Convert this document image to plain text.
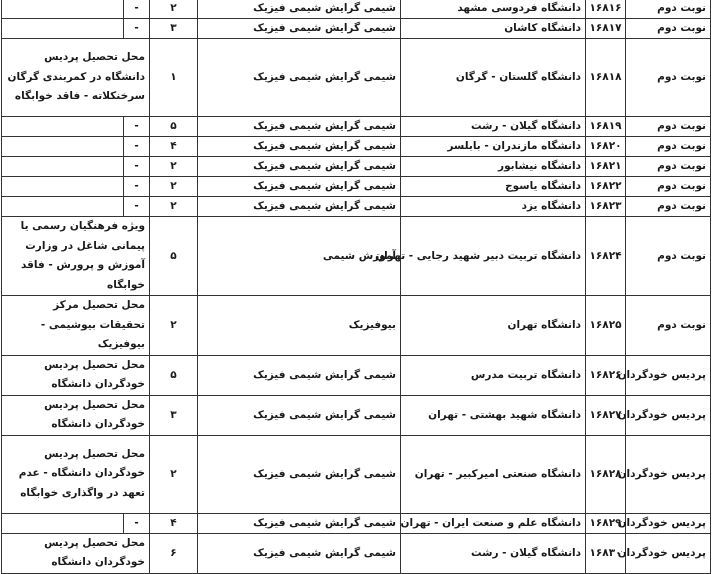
نوبت دوم	۱۶۸۱۶	دانشگاه فردوسی مشهد	شیمی گرایش شیمی فیزیک	۲	-	
نوبت دوم	۱۶۸۱۷	دانشگاه کاشان	شیمی گرایش شیمی فیزیک	۳	-	
نوبت دوم	۱۶۸۱۸	دانشگاه گلستان - گرگان	شیمی گرایش شیمی فیزیک	۱	محل تحصیل پردیس دانشگاه در کمربندی گرگان سرخنکلاته - فاقد خوابگاه	
نوبت دوم	۱۶۸۱۹	دانشگاه گیلان - رشت	شیمی گرایش شیمی فیزیک	۵	-	
نوبت دوم	۱۶۸۲۰	دانشگاه مازندران - بابلسر	شیمی گرایش شیمی فیزیک	۴	-	
نوبت دوم	۱۶۸۲۱	دانشگاه نیشابور	شیمی گرایش شیمی فیزیک	۲	-	
نوبت دوم	۱۶۸۲۲	دانشگاه یاسوج	شیمی گرایش شیمی فیزیک	۲	-	
نوبت دوم	۱۶۸۲۳	دانشگاه یزد	شیمی گرایش شیمی فیزیک	۲	-	
نوبت دوم	۱۶۸۲۴	دانشگاه تربیت دبیر شهید رجایی - تهران	آموزش شیمی	۵	ویژه فرهنگیان رسمی یا پیمانی شاغل در وزارت آموزش و پرورش - فاقد خوابگاه	
نوبت دوم	۱۶۸۲۵	دانشگاه تهران	بیوفیزیک	۲	محل تحصیل مرکز تحقیقات بیوشیمی - بیوفیزیک	
پردیس خودگردان	۱۶۸۲۶	دانشگاه تربیت مدرس	شیمی گرایش شیمی فیزیک	۵	محل تحصیل پردیس خودگردان دانشگاه	
پردیس خودگردان	۱۶۸۲۷	دانشگاه شهید بهشتی - تهران	شیمی گرایش شیمی فیزیک	۳	محل تحصیل پردیس خودگردان دانشگاه	
پردیس خودگردان	۱۶۸۲۸	دانشگاه صنعتی امیرکبیر - تهران	شیمی گرایش شیمی فیزیک	۲	محل تحصیل پردیس خودگردان دانشگاه - عدم تعهد در واگذاری خوابگاه	
پردیس خودگردان	۱۶۸۲۹	دانشگاه علم و صنعت ایران - تهران	شیمی گرایش شیمی فیزیک	۴	-	
پردیس خودگردان	۱۶۸۳۰	دانشگاه گیلان - رشت	شیمی گرایش شیمی فیزیک	۶	محل تحصیل پردیس خودگردان دانشگاه	
